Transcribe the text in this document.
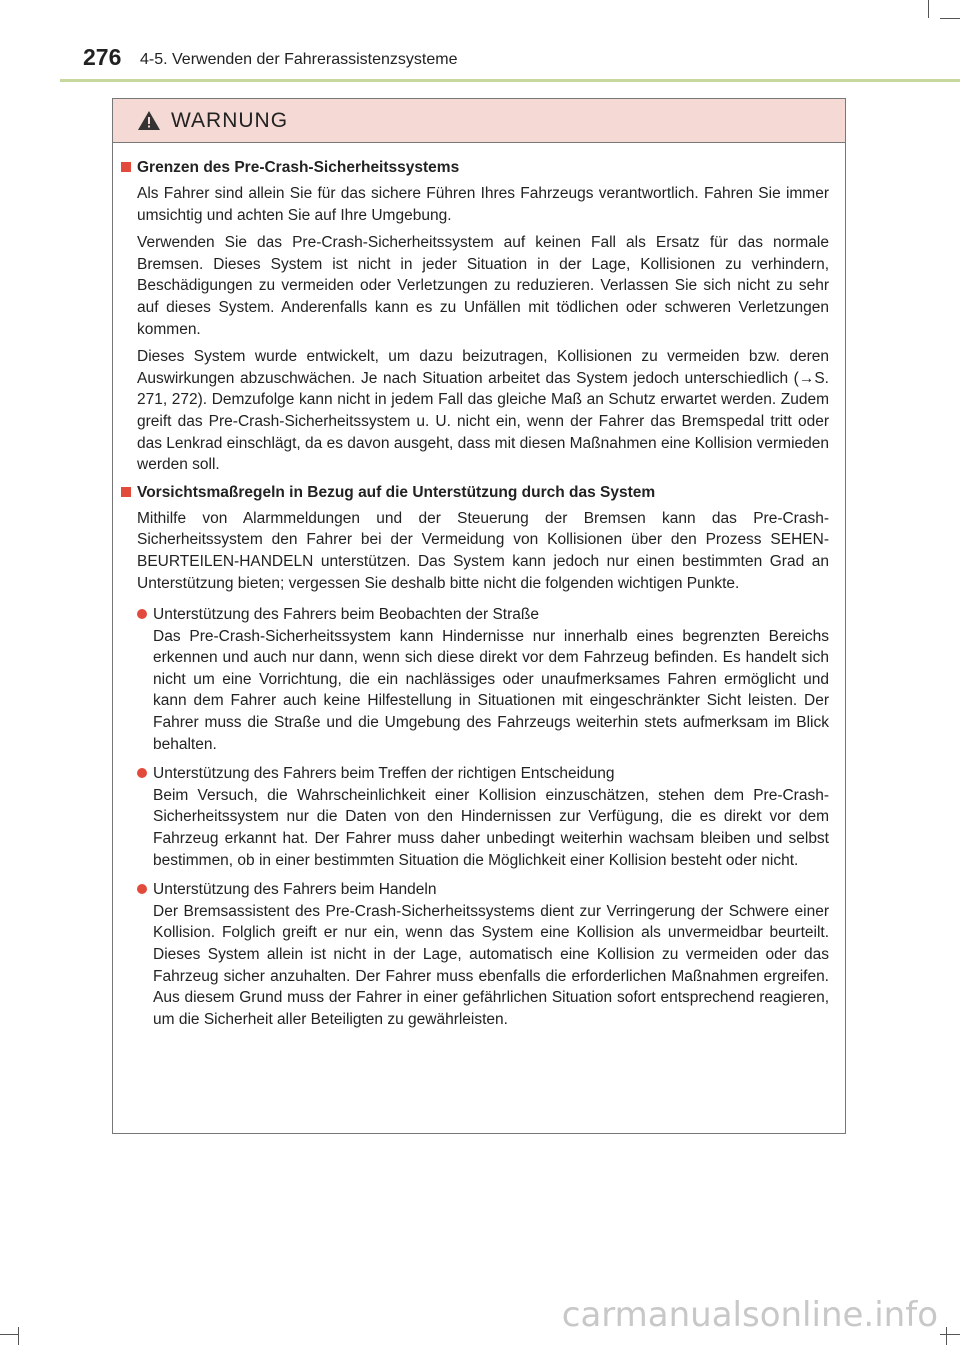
276 4-5. Verwenden der Fahrerassistenzsysteme
WARNUNG
Grenzen des Pre-Crash-Sicherheitssystems

Als Fahrer sind allein Sie für das sichere Führen Ihres Fahrzeugs verantwortlich. Fahren Sie immer umsichtig und achten Sie auf Ihre Umgebung.

Verwenden Sie das Pre-Crash-Sicherheitssystem auf keinen Fall als Ersatz für das normale Bremsen. Dieses System ist nicht in jeder Situation in der Lage, Kollisionen zu verhindern, Beschädigungen zu vermeiden oder Verletzungen zu reduzieren. Verlassen Sie sich nicht zu sehr auf dieses System. Anderenfalls kann es zu Unfällen mit tödlichen oder schweren Verletzungen kommen.

Dieses System wurde entwickelt, um dazu beizutragen, Kollisionen zu vermeiden bzw. deren Auswirkungen abzuschwächen. Je nach Situation arbeitet das System jedoch unterschiedlich (→S. 271, 272). Demzufolge kann nicht in jedem Fall das gleiche Maß an Schutz erwartet werden. Zudem greift das Pre-Crash-Sicherheitssystem u. U. nicht ein, wenn der Fahrer das Bremspedal tritt oder das Lenkrad einschlägt, da es davon ausgeht, dass mit diesen Maßnahmen eine Kollision vermieden werden soll.

Vorsichtsmaßregeln in Bezug auf die Unterstützung durch das System

Mithilfe von Alarmmeldungen und der Steuerung der Bremsen kann das Pre-Crash-Sicherheitssystem den Fahrer bei der Vermeidung von Kollisionen über den Prozess SEHEN-BEURTEILEN-HANDELN unterstützen. Das System kann jedoch nur einen bestimmten Grad an Unterstützung bieten; vergessen Sie deshalb bitte nicht die folgenden wichtigen Punkte.

Unterstützung des Fahrers beim Beobachten der Straße
Das Pre-Crash-Sicherheitssystem kann Hindernisse nur innerhalb eines begrenzten Bereichs erkennen und auch nur dann, wenn sich diese direkt vor dem Fahrzeug befinden. Es handelt sich nicht um eine Vorrichtung, die ein nachlässiges oder unaufmerksames Fahren ermöglicht und kann dem Fahrer auch keine Hilfestellung in Situationen mit eingeschränkter Sicht leisten. Der Fahrer muss die Straße und die Umgebung des Fahrzeugs weiterhin stets aufmerksam im Blick behalten.
Unterstützung des Fahrers beim Treffen der richtigen Entscheidung
Beim Versuch, die Wahrscheinlichkeit einer Kollision einzuschätzen, stehen dem Pre-Crash-Sicherheitssystem nur die Daten von den Hindernissen zur Verfügung, die es direkt vor dem Fahrzeug erkannt hat. Der Fahrer muss daher unbedingt weiterhin wachsam bleiben und selbst bestimmen, ob in einer bestimmten Situation die Möglichkeit einer Kollision besteht oder nicht.
Unterstützung des Fahrers beim Handeln
Der Bremsassistent des Pre-Crash-Sicherheitssystems dient zur Verringerung der Schwere einer Kollision. Folglich greift er nur ein, wenn das System eine Kollision als unvermeidbar beurteilt. Dieses System allein ist nicht in der Lage, automatisch eine Kollision zu vermeiden oder das Fahrzeug sicher anzuhalten. Der Fahrer muss ebenfalls die erforderlichen Maßnahmen ergreifen. Aus diesem Grund muss der Fahrer in einer gefährlichen Situation sofort entsprechend reagieren, um die Sicherheit aller Beteiligten zu gewährleisten.
carmanualsonline.info
